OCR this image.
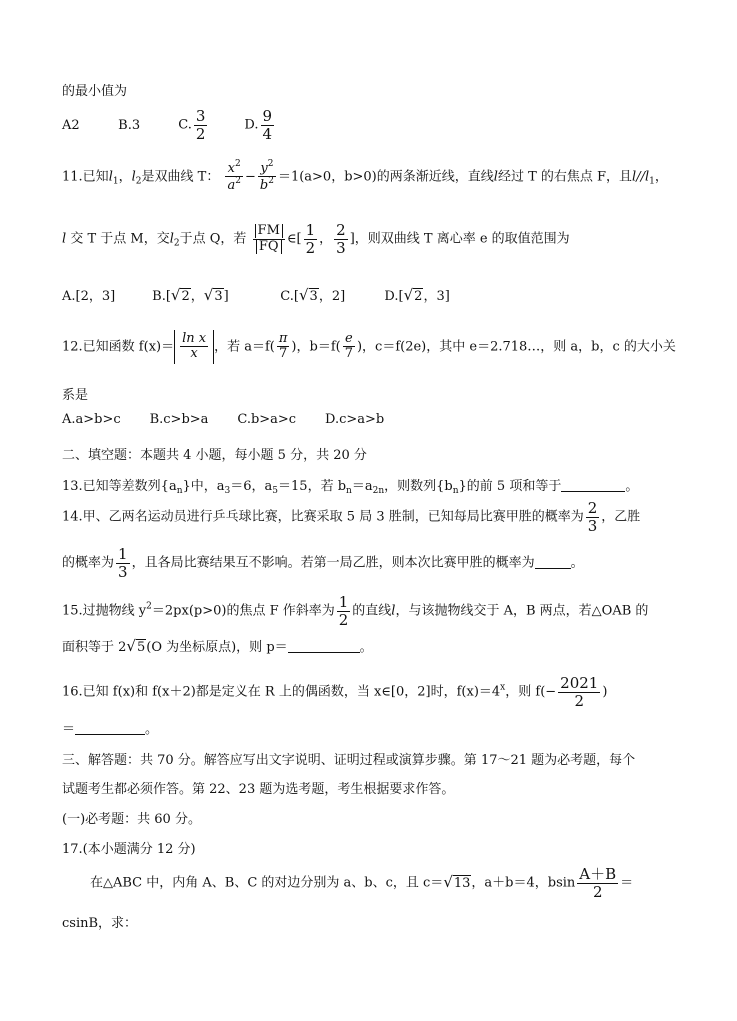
的最小值为
A2	B.3	C. $\frac{3}{2}$	D. $\frac{9}{4}$
11.已知$l_1$，$l_2$是双曲线 T： $\frac{x^2}{a^2} - \frac{y^2}{b^2} =1(a>0$，b>0)的两条渐近线，直线l经过 T 的右焦点 F，且$l//l_1$，
l 交 T 于点 M，交$l_2$于点 Q，若 $\frac{FM}{FQ}$ ∈[ $\frac{1}{2}$ ， $\frac{2}{3}$ ]，则双曲线 T 离心率 e 的取值范围为
A.[2，3]	B.[√2，√3]	C.[√3，2]	D.[√2，3]
12.已知函数 $f(x)= \frac{\text{ln x}}{x}$ ，若 $a=f( \frac{\pi}{7}$ )，$b=f( \frac{e}{7}$ )，c＝f(2e)，其中 e＝2.718…，则 a，b，c 的大小关
系是
A.a>b>c       B.c>b>a       C.b>a>c       D.c>a>b
二、填空题：本题共 4 小题，每小题 5 分，共 20 分
13.已知等差数列$\{a_n\}$中，$a_3=6$，$a_5=15$，若 $b_n=a_{2n}$，则数列$\{b_n\}$的前 5 项和等于	。
14.甲、乙两名运动员进行乒乓球比赛，比赛采取 5 局 3 胜制，已知每局比赛甲胜的概率为 $\frac{2}{3}$ ，乙胜
的概率为 $\frac{1}{3}$ ，且各局比赛结果互不影响。若第一局乙胜，则本次比赛甲胜的概率为	。
15.过抛物线 $y^2=2px(p>0)$的焦点 F 作斜率为 $\frac{1}{2}$ 的直线l，与该抛物线交于 A，B 两点，若△OAB 的
面积等于 2√5(O 为坐标原点)，则 p＝	。
16.已知 f(x)和 f(x＋2)都是定义在 R 上的偶函数，当 x∈[0，2]时，$f(x)=4^x$，则 $f(- \frac{2021}{2}$ )
＝	。
三、解答题：共 70 分。解答应写出文字说明、证明过程或演算步骤。第 17～21 题为必考题，每个
试题考生都必须作答。第 22、23 题为选考题，考生根据要求作答。
(一)必考题：共 60 分。
17.(本小题满分 12 分)
在△ABC 中，内角 A、B、C 的对边分别为 a、b、c，且 c＝√13，a＋b＝4，bsin $\frac{A+B}{2}$ ＝
csinB，求：
